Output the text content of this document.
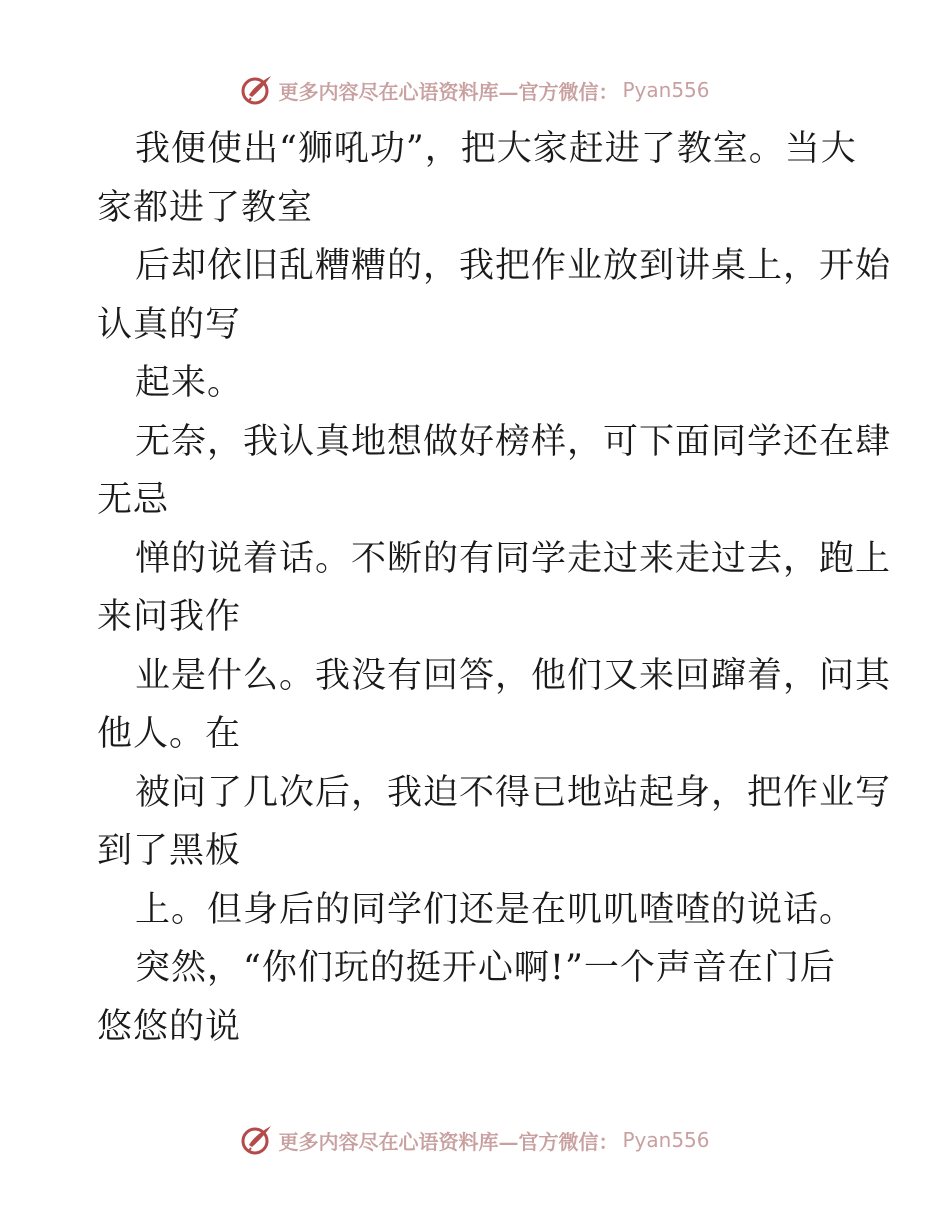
更多内容尽在心语资料库—官方微信： Pyan556
我便使出“狮吼功”，把大家赶进了教室。当大
家都进了教室
后却依旧乱糟糟的，我把作业放到讲桌上，开始
认真的写
起来。
无奈，我认真地想做好榜样，可下面同学还在肆
无忌
惮的说着话。不断的有同学走过来走过去，跑上
来问我作
业是什么。我没有回答，他们又来回蹿着，问其
他人。在
被问了几次后，我迫不得已地站起身，把作业写
到了黑板
上。但身后的同学们还是在叽叽喳喳的说话。
突然，“你们玩的挺开心啊!”一个声音在门后
悠悠的说
更多内容尽在心语资料库—官方微信： Pyan556
